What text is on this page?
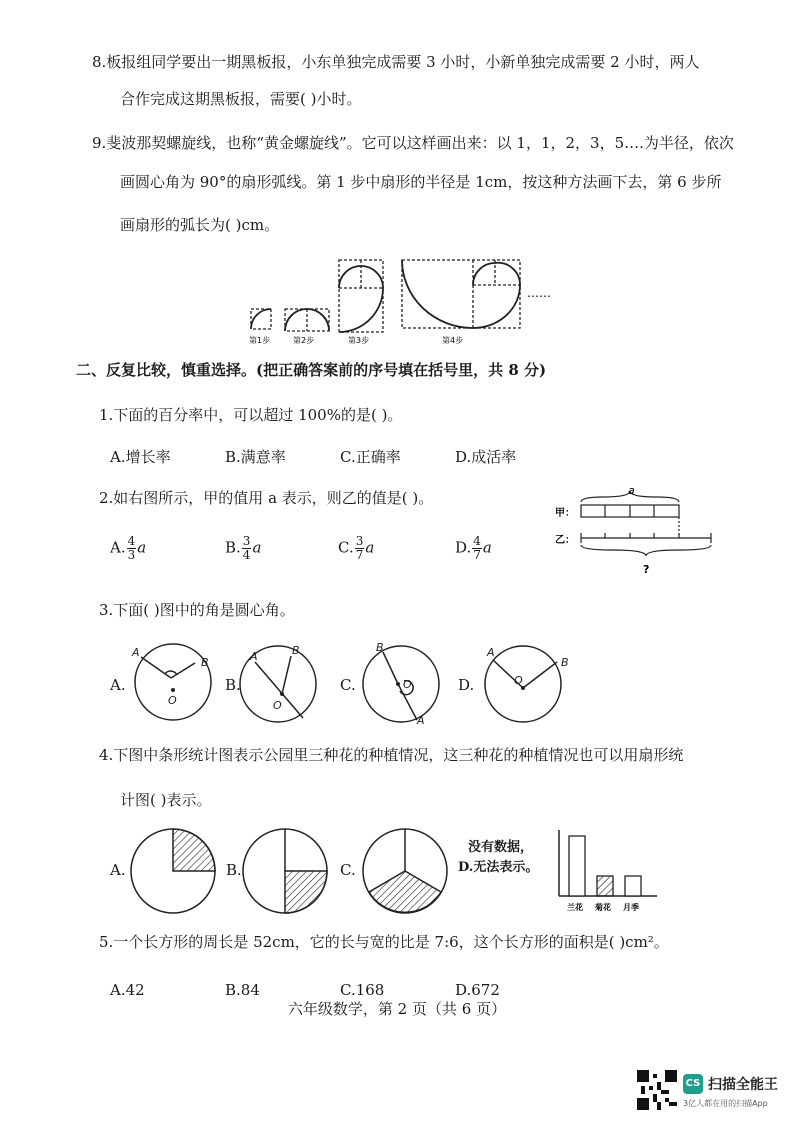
8.板报组同学要出一期黑板报，小东单独完成需要 3 小时，小新单独完成需要 2 小时，两人
合作完成这期黑板报，需要( )小时。
9.斐波那契螺旋线，也称“黄金螺旋线”。它可以这样画出来：以 1，1，2，3，5….为半径，依次
画圆心角为 90°的扇形弧线。第 1 步中扇形的半径是 1cm，按这种方法画下去，第 6 步所
画扇形的弧长为( )cm。
第1步	第2步	第3步	第4步
……
二、反复比较，慎重选择。(把正确答案前的序号填在括号里，共 8 分)
1.下面的百分率中，可以超过 100%的是( )。
A.增长率	B.满意率	C.正确率	D.成活率
2.如右图所示，甲的值用 a 表示，则乙的值是( )。
A. $\frac{4}{3}$ a	B. $\frac{3}{4}$ a	C. $\frac{3}{7}$ a	D. $\frac{4}{7}$ a
a
甲：
乙：
?
3.下面( )图中的角是圆心角。
A
B
O
A	B
O
B
A
O
A
B
O
A.	B.	C.	D.
4.下图中条形统计图表示公园里三种花的种植情况，这三种花的种植情况也可以用扇形统
计图( )表示。
A.	B.	C.
没有数据，
D.无法表示。
兰花 菊花 月季
5.一个长方形的周长是 52cm，它的长与宽的比是 7:6，这个长方形的面积是( )cm²。
A.42	B.84	C.168	D.672
六年级数学，第 2 页（共 6 页）
CS 扫描全能王
3亿人都在用的扫描App
